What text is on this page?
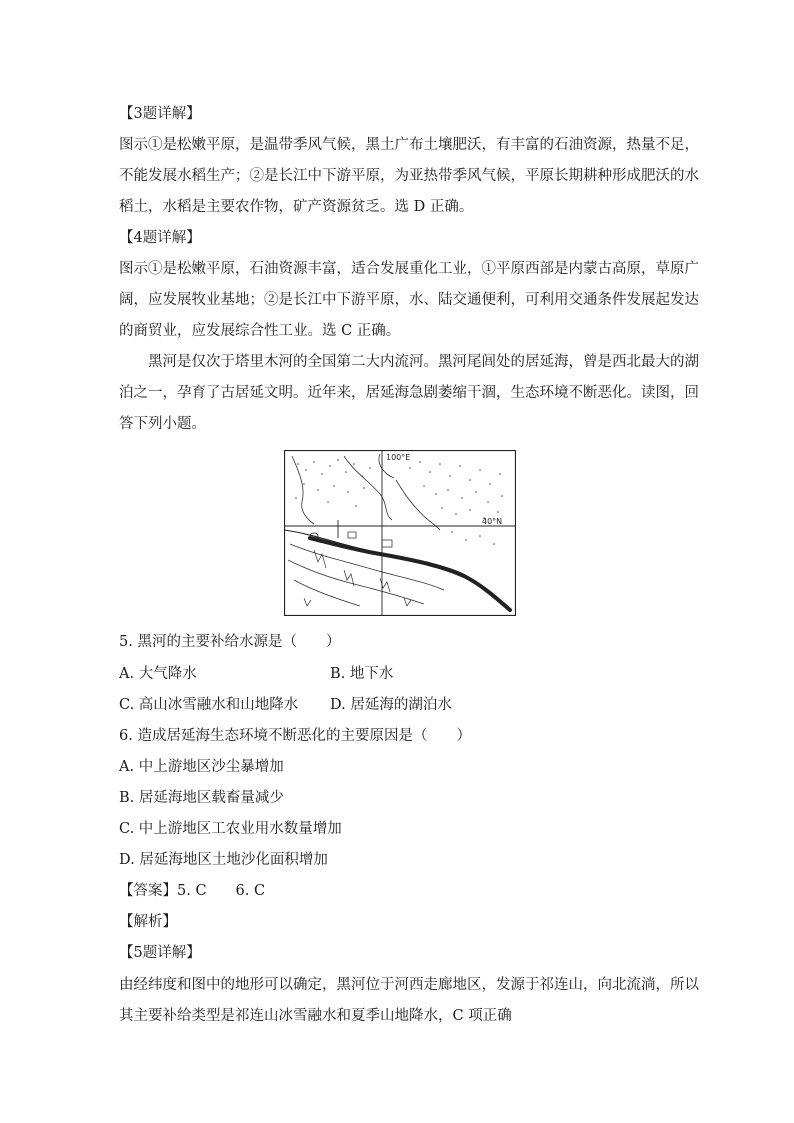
【3题详解】
图示①是松嫩平原，是温带季风气候，黑土广布土壤肥沃，有丰富的石油资源，热量不足，
不能发展水稻生产；②是长江中下游平原，为亚热带季风气候，平原长期耕种形成肥沃的水
稻土，水稻是主要农作物，矿产资源贫乏。选 D 正确。
【4题详解】
图示①是松嫩平原，石油资源丰富，适合发展重化工业，①平原西部是内蒙古高原，草原广
阔，应发展牧业基地；②是长江中下游平原，水、陆交通便利，可利用交通条件发展起发达
的商贸业，应发展综合性工业。选 C 正确。
黑河是仅次于塔里木河的全国第二大内流河。黑河尾闾处的居延海，曾是西北最大的湖
泊之一，孕育了古居延文明。近年来，居延海急剧萎缩干涸，生态环境不断恶化。读图，回
答下列小题。
100°E
40°N
5. 黑河的主要补给水源是（　　）
A. 大气降水	B. 地下水
C. 高山冰雪融水和山地降水 D. 居延海的湖泊水
6. 造成居延海生态环境不断恶化的主要原因是（　　）
A. 中上游地区沙尘暴增加
B. 居延海地区载畜量减少
C. 中上游地区工农业用水数量增加
D. 居延海地区土地沙化面积增加
【答案】5. C　　6. C
【解析】
【5题详解】
由经纬度和图中的地形可以确定，黑河位于河西走廊地区，发源于祁连山，向北流淌，所以
其主要补给类型是祁连山冰雪融水和夏季山地降水，C 项正确
